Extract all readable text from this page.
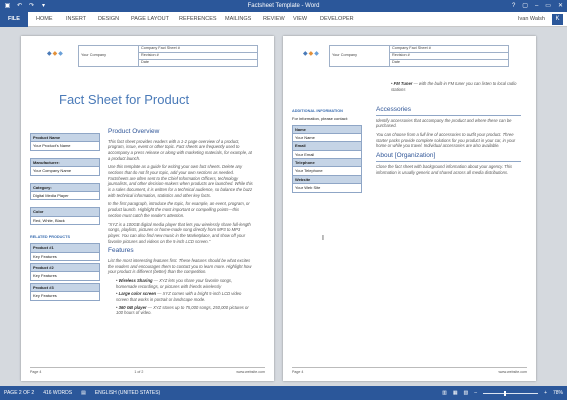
▣ ↶ ↷	▾	Factsheet Template - Word	? ▢ – ▭ ✕
FILE	HOME INSERT DESIGN PAGE LAYOUT REFERENCES MAILINGS REVIEW VIEW DEVELOPER	Ivan Walsh	K
◆ ◆ ◆	Your Company	Company Fact Sheet #
Revision #
Date
Fact Sheet for Product
Product Name
Your Product's Name
Manufacturer:
Your Company Name
Category:
Digital Media Player
Color
Red, White, Black
RELATED PRODUCTS
Product #1
Key Features
Product #2
Key Features
Product #3
Key Features
Product Overview
This fact sheet provides readers with a 1-2 page overview of a product, program, issue, event or other topic. Fact sheets are frequently used to accompany a press release or along with marketing materials, for example, at a product launch.
Use this template as a guide for writing your own fact sheets. Delete any sections that do not fit your topic, add your own sections as needed. Factsheets are often sent to the Chief Information Officers, technology journalists, and other decision-makers when products are launched. While this is a sales document, it is written for a technical audience, so balance the buzz with technical information, statistics and other key facts.
In the first paragraph, introduce the topic, for example, an event, program, or product launch. Highlight the most important or compelling points—this section must catch the reader's attention.
"XYZ is a 100GB digital media player that lets you wirelessly share full-length songs, playlists, pictures or home-made song directly from MP3 to MP3 player. You can also find new music in the Marketplace, and show off your favorite pictures and videos on the 5-inch LCD screen."
Features
List the most interesting features first. These features should be what excites the readers and encourages them to contact you to learn more. Highlight how your product is different (better) than the competition.
• Wireless Sharing — XYZ lets you share your favorite songs, homemade recordings, or pictures with friends wirelessly
• Large color screen — XYZ comes with a bright 5-inch LCD video screen that works in portrait or landscape mode.
• 360 GB player — XYZ stores up to 75,000 songs, 250,000 pictures or 100 hours of video.
Page 4	1 of 2	www.website.com
◆ ◆ ◆	Your Company	Company Fact Sheet #
Revision #
Date
• FM Tuner — with the built-in FM tuner you can listen to local radio stations
ADDITIONAL INFORMATION
For information, please contact:
Name
Your Name
Email
Your Email
Telephone
Your Telephone
Website
Your Web Site
Accessories
Identify accessories that accompany the product and where these can be purchased.
You can choose from a full line of accessories to outfit your product. Three starter packs provide complete solutions for you product in your car, in your home or while you travel. Individual accessories are also available.
About [Organization]
Close the fact sheet with background information about your agency. This information is usually generic and shared across all media distributions.
Page 4	www.website.com
I
PAGE 2 OF 2 416 WORDS ▤ ENGLISH (UNITED STATES)	▥ ▦ ▧ –	+ 78%
